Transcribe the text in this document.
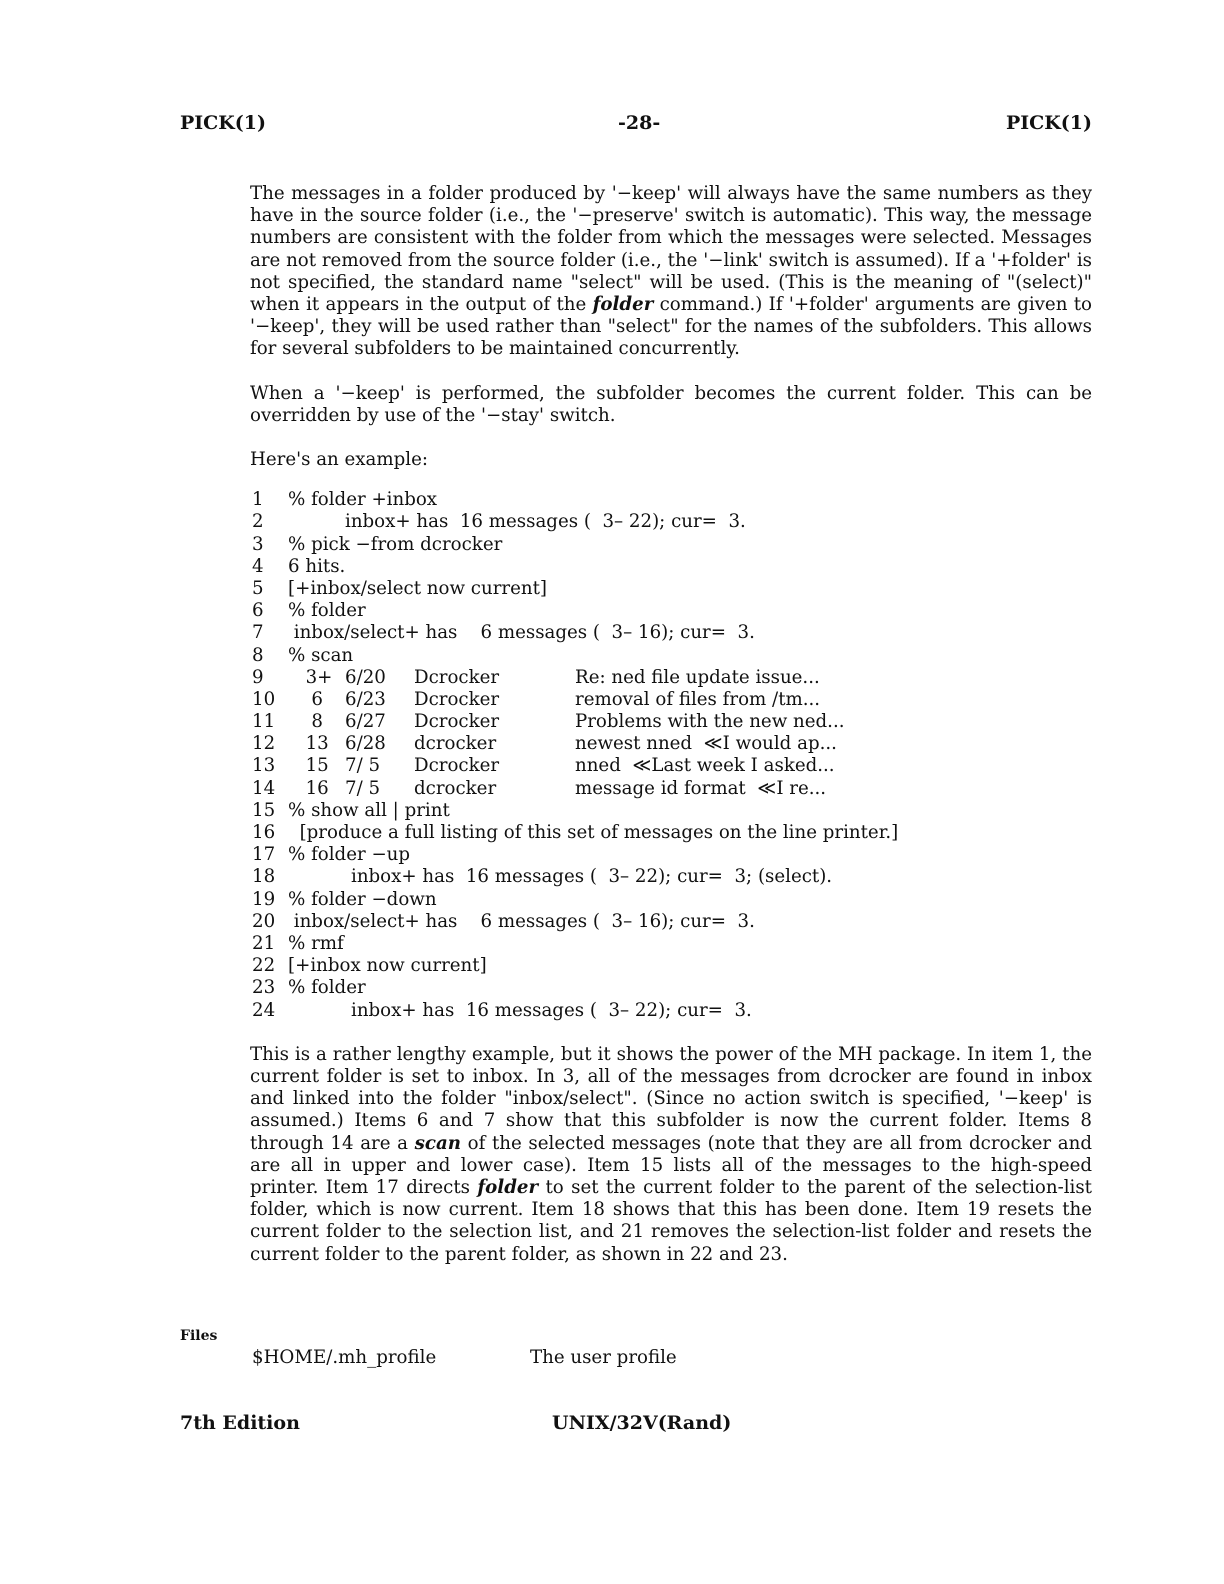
PICK(1)	-28-	PICK(1)

The messages in a folder produced by '−keep' will always have the same numbers as they have in the source folder (i.e., the '−preserve' switch is automatic). This way, the message numbers are consistent with the folder from which the messages were selected. Messages are not removed from the source folder (i.e., the '−link' switch is assumed). If a '+folder' is not specified, the standard name "select" will be used. (This is the meaning of "(select)" when it appears in the output of the folder command.) If '+folder' arguments are given to '−keep', they will be used rather than "select" for the names of the subfolders. This allows for several subfolders to be maintained concurrently.

When a '−keep' is performed, the subfolder becomes the current folder. This can be overridden by use of the '−stay' switch.

Here's an example:

1	% folder +inbox
2	inbox+ has  16 messages (  3– 22); cur=  3.
3	% pick −from dcrocker
4	6 hits.
5	[+inbox/select now current]
6	% folder
7	inbox/select+ has    6 messages (  3– 16); cur=  3.
8	% scan
9	3+ 6/20 Dcrocker	Re: ned file update issue...
10	6 6/23 Dcrocker	removal of files from /tm...
11	8 6/27 Dcrocker	Problems with the new ned...
12	13 6/28 dcrocker	newest nned  ≪I would ap...
13	15 7/ 5 Dcrocker	nned  ≪Last week I asked...
14	16 7/ 5 dcrocker	message id format  ≪I re...
15 % show all | print
16 [produce a full listing of this set of messages on the line printer.]
17 % folder −up
18	inbox+ has  16 messages (  3– 22); cur=  3; (select).
19 % folder −down
20 inbox/select+ has    6 messages (  3– 16); cur=  3.
21 % rmf
22 [+inbox now current]
23 % folder
24	inbox+ has  16 messages (  3– 22); cur=  3.

This is a rather lengthy example, but it shows the power of the MH package. In item 1, the current folder is set to inbox. In 3, all of the messages from dcrocker are found in inbox and linked into the folder "inbox/select". (Since no action switch is specified, '−keep' is assumed.) Items 6 and 7 show that this subfolder is now the current folder. Items 8 through 14 are a scan of the selected messages (note that they are all from dcrocker and are all in upper and lower case). Item 15 lists all of the messages to the high-speed printer. Item 17 directs folder to set the current folder to the parent of the selection-list folder, which is now current. Item 18 shows that this has been done. Item 19 resets the current folder to the selection list, and 21 removes the selection-list folder and resets the current folder to the parent folder, as shown in 22 and 23.

Files
$HOME/.mh_profile	The user profile
7th Edition	UNIX/32V(Rand)
